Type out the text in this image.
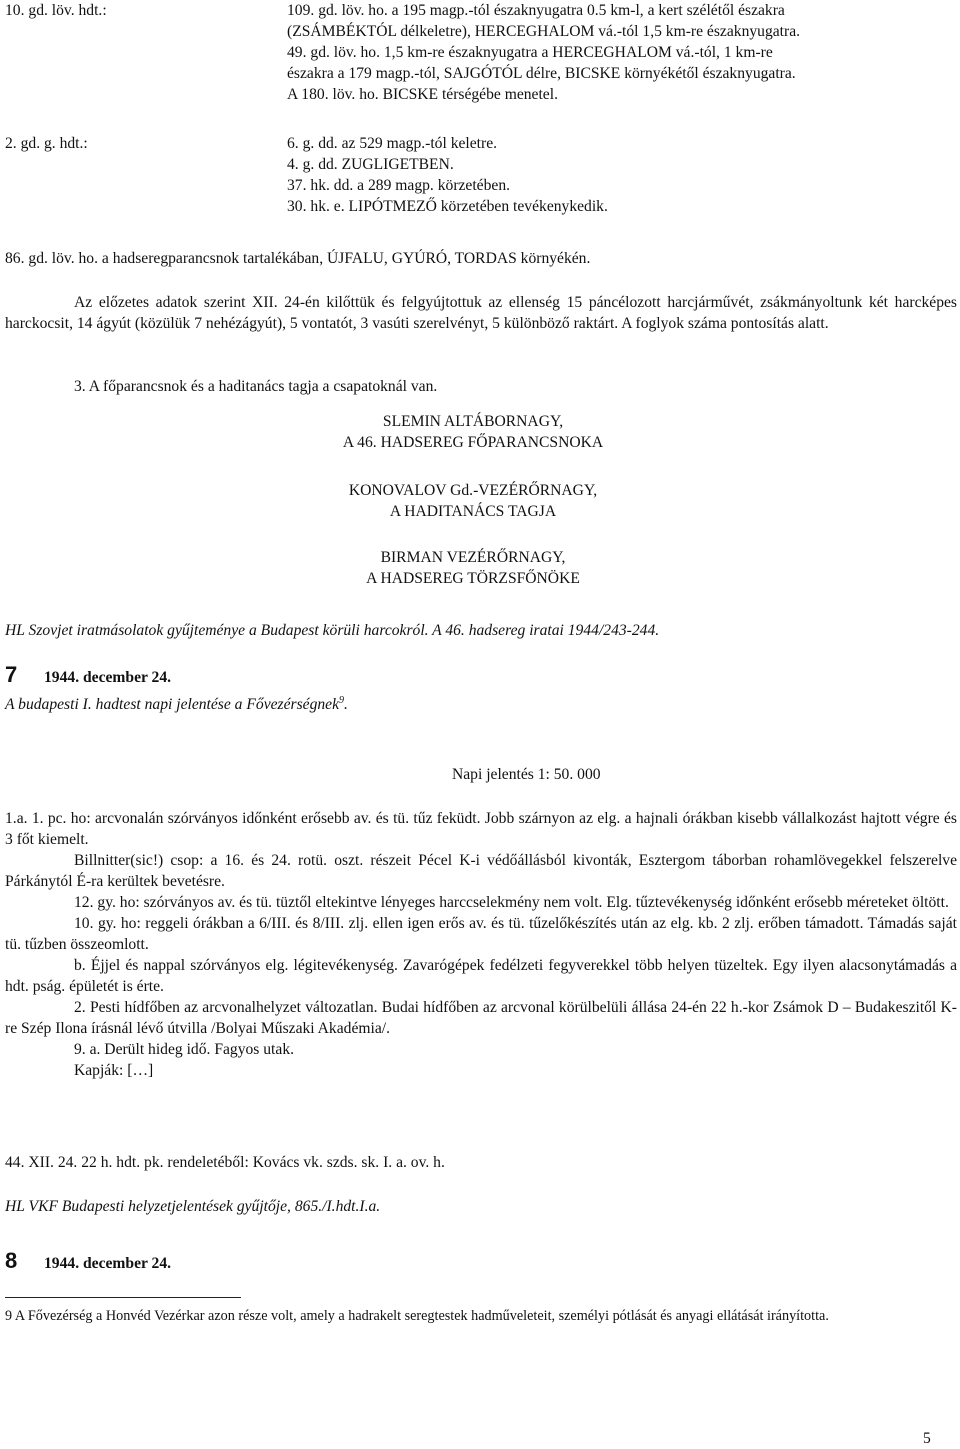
10. gd. löv. hdt.:	109. gd. löv. ho. a 195 magp.-tól északnyugatra 0.5 km-l, a kert szélétől északra
(ZSÁMBÉKTÓL délkeletre), HERCEGHALOM vá.-tól 1,5 km-re északnyugatra.
49. gd. löv. ho. 1,5 km-re északnyugatra a HERCEGHALOM vá.-tól, 1 km-re
északra a 179 magp.-tól, SAJGÓTÓL délre, BICSKE környékétől északnyugatra.
A 180. löv. ho. BICSKE térségébe menetel.
2. gd. g. hdt.:	6. g. dd. az 529 magp.-tól keletre.
4. g. dd. ZUGLIGETBEN.
37. hk. dd. a 289 magp. körzetében.
30. hk. e. LIPÓTMEZŐ körzetében tevékenykedik.
86. gd. löv. ho. a hadseregparancsnok tartalékában, ÚJFALU, GYÚRÓ, TORDAS környékén.
Az előzetes adatok szerint XII. 24-én kilőttük és felgyújtottuk az ellenség 15 páncélozott harcjárművét, zsákmányoltunk két harcképes harckocsit, 14 ágyút (közülük 7 nehézágyút), 5 vontatót, 3 vasúti szerelvényt, 5 különböző raktárt. A foglyok száma pontosítás alatt.
3. A főparancsnok és a haditanács tagja a csapatoknál van.
SLEMIN ALTÁBORNAGY,
A 46. HADSEREG FŐPARANCSNOKA
KONOVALOV Gd.-VEZÉRŐRNAGY,
A HADITANÁCS TAGJA
BIRMAN VEZÉRŐRNAGY,
A HADSEREG TÖRZSFŐNÖKE
HL Szovjet iratmásolatok gyűjteménye a Budapest körüli harcokról. A 46. hadsereg iratai 1944/243-244.
7 1944. december 24.
A budapesti I. hadtest napi jelentése a Fővezérségnek$^9$.
Napi jelentés 1: 50. 000
1.a. 1. pc. ho: arcvonalán szórványos időnként erősebb av. és tü. tűz feküdt. Jobb szárnyon az elg. a hajnali órákban kisebb vállalkozást hajtott végre és 3 főt kiemelt.
Billnitter(sic!) csop: a 16. és 24. rotü. oszt. részeit Pécel K-i védőállásból kivonták, Esztergom táborban rohamlövegekkel felszerelve Párkánytól É-ra kerültek bevetésre.
12. gy. ho: szórványos av. és tü. tüztől eltekintve lényeges harccselekmény nem volt. Elg. tűztevékenység időnként erősebb méreteket öltött.
10. gy. ho: reggeli órákban a 6/III. és 8/III. zlj. ellen igen erős av. és tü. tűzelőkészítés után az elg. kb. 2 zlj. erőben támadott. Támadás saját tü. tűzben összeomlott.
b. Éjjel és nappal szórványos elg. légitevékenység. Zavarógépek fedélzeti fegyverekkel több helyen tüzeltek. Egy ilyen alacsonytámadás a hdt. pság. épületét is érte.
2. Pesti hídfőben az arcvonalhelyzet változatlan. Budai hídfőben az arcvonal körülbelüli állása 24-én 22 h.-kor Zsámok D – Budakeszitől K-re Szép Ilona írásnál lévő útvilla /Bolyai Műszaki Akadémia/.
9. a. Derült hideg idő. Fagyos utak.
Kapják: […]
44. XII. 24. 22 h. hdt. pk. rendeletéből: Kovács vk. szds. sk. I. a. ov. h.
HL VKF Budapesti helyzetjelentések gyűjtője, 865./I.hdt.I.a.
8 1944. december 24.
9 A Fővezérség a Honvéd Vezérkar azon része volt, amely a hadrakelt seregtestek hadműveleteit, személyi pótlását és anyagi ellátását irányította.
5
